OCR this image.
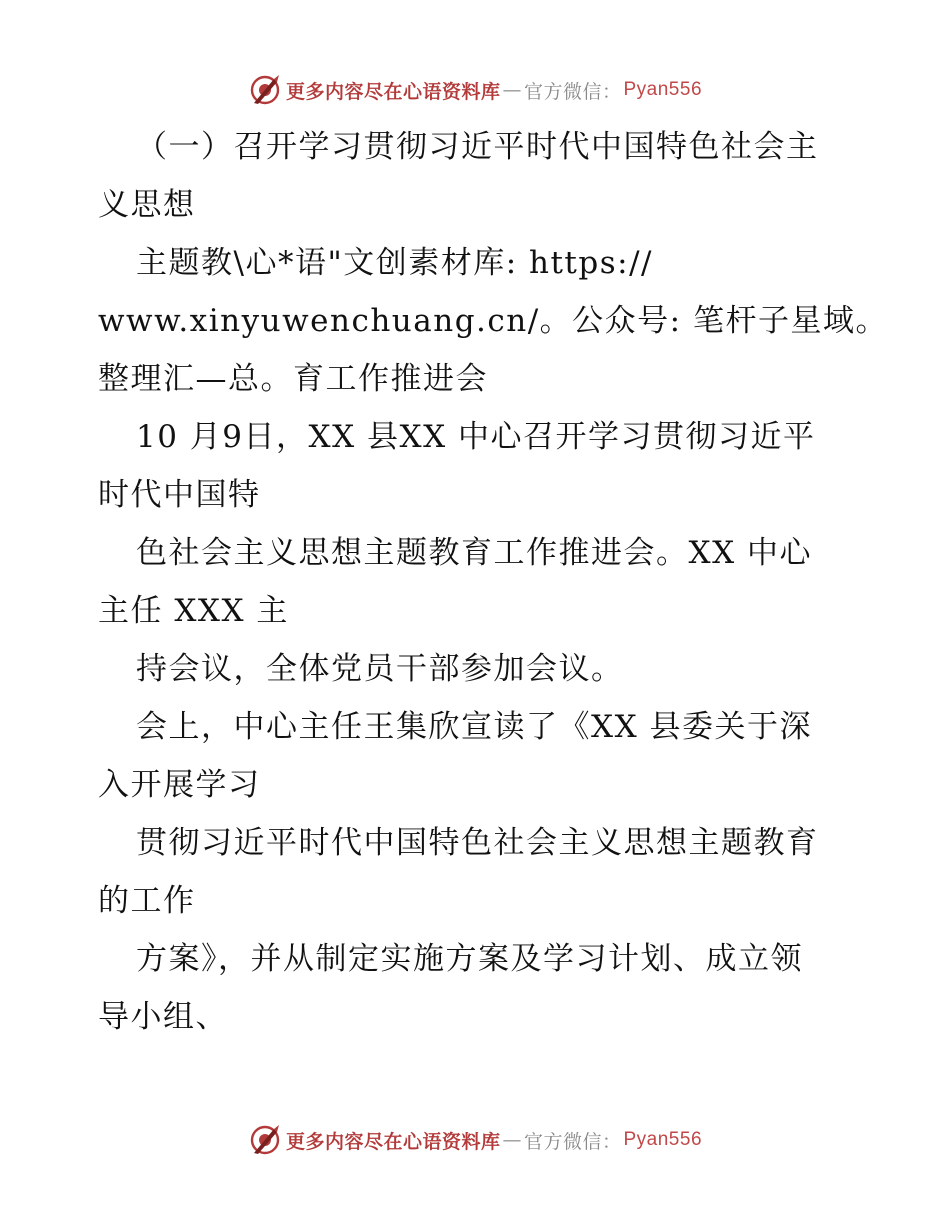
更多内容尽在心语资料库 — 官方微信： Pyan556

（一）召开学习贯彻习近平时代中国特色社会主
义思想

主题教\心*语"文创素材库: https://
www.xinyuwenchuang.cn/。公众号: 笔杆子星域。
整理汇—总。育工作推进会

10 月9日，XX 县XX 中心召开学习贯彻习近平
时代中国特

色社会主义思想主题教育工作推进会。XX 中心
主任 XXX 主

持会议，全体党员干部参加会议。

会上，中心主任王集欣宣读了《XX 县委关于深
入开展学习

贯彻习近平时代中国特色社会主义思想主题教育
的工作

方案》，并从制定实施方案及学习计划、成立领
导小组、

更多内容尽在心语资料库 — 官方微信： Pyan556
